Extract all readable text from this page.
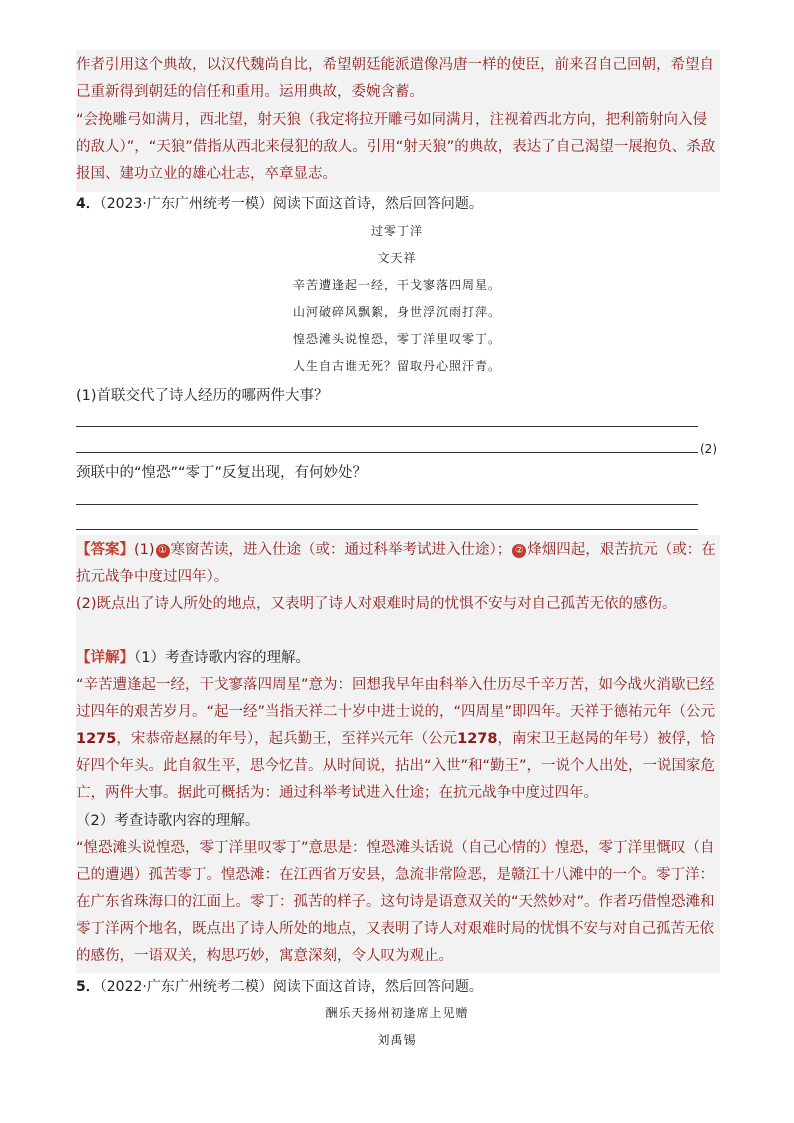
作者引用这个典故，以汉代魏尚自比，希望朝廷能派遣像冯唐一样的使臣，前来召自己回朝，希望自己重新得到朝廷的信任和重用。运用典故，委婉含蓄。
“会挽雕弓如满月，西北望，射天狼（我定将拉开雕弓如同满月，注视着西北方向，把利箭射向入侵的敌人）”，“天狼”借指从西北来侵犯的敌人。引用“射天狼”的典故，表达了自己渴望一展抱负、杀敌报国、建功立业的雄心壮志，卒章显志。
4．（2023·广东广州统考一模）阅读下面这首诗，然后回答问题。
过零丁洋
文天祥
辛苦遭逢起一经，干戈寥落四周星。
山河破碎风飘絮，身世浮沉雨打萍。
惶恐滩头说惶恐，零丁洋里叹零丁。
人生自古谁无死？留取丹心照汗青。
(1)首联交代了诗人经历的哪两件大事？
(2)
颈联中的“惶恐”“零丁”反复出现，有何妙处？
【答案】(1) ① 寒窗苦读，进入仕途（或：通过科举考试进入仕途）； ② 烽烟四起，艰苦抗元（或：在抗元战争中度过四年）。
(2)既点出了诗人所处的地点，又表明了诗人对艰难时局的忧惧不安与对自己孤苦无依的感伤。
【详解】（1）考查诗歌内容的理解。
“辛苦遭逢起一经，干戈寥落四周星”意为：回想我早年由科举入仕历尽千辛万苦，如今战火消歇已经过四年的艰苦岁月。“起一经”当指天祥二十岁中进士说的，“四周星”即四年。天祥于德祐元年（公元1275，宋恭帝赵㬎的年号），起兵勤王，至祥兴元年（公元1278，南宋卫王赵昺的年号）被俘，恰好四个年头。此自叙生平，思今忆昔。从时间说，拈出“入世”和“勤王”，一说个人出处，一说国家危亡，两件大事。据此可概括为：通过科举考试进入仕途；在抗元战争中度过四年。
（2）考查诗歌内容的理解。
“惶恐滩头说惶恐，零丁洋里叹零丁”意思是：惶恐滩头话说（自己心情的）惶恐，零丁洋里慨叹（自己的遭遇）孤苦零丁。惶恐滩：在江西省万安县，急流非常险恶，是赣江十八滩中的一个。零丁洋：在广东省珠海口的江面上。零丁：孤苦的样子。这句诗是语意双关的“天然妙对”。作者巧借惶恐滩和零丁洋两个地名，既点出了诗人所处的地点，又表明了诗人对艰难时局的忧惧不安与对自己孤苦无依的感伤，一语双关，构思巧妙，寓意深刻，令人叹为观止。
5．（2022·广东广州统考二模）阅读下面这首诗，然后回答问题。
酬乐天扬州初逢席上见赠
刘禹锡
